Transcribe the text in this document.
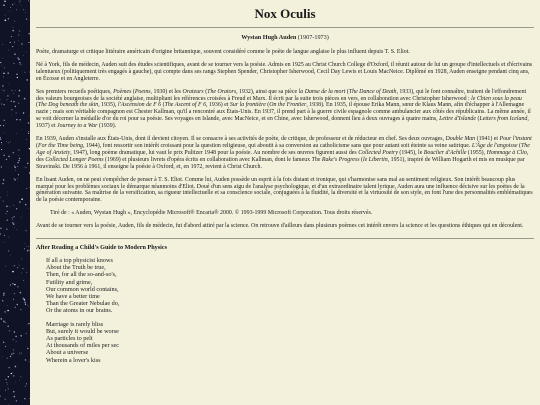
Nox Oculis
Wystan Hugh Auden (1907-1973)

Poète, dramaturge et critique littéraire américain d'origine britannique, souvent considéré comme le poète de langue anglaise le plus influent depuis T. S. Eliot.

Né à York, fils de médecin, Auden suit des études scientifiques, avant de se tourner vers la poésie. Admis en 1925 au Christ Church College d'Oxford, il réunit autour de lui un groupe d'intellectuels et d'écrivains talentueux (politiquement très engagés à gauche), qui compte dans ses rangs Stephen Spender, Christopher Isherwood, Cecil Day Lewis et Louis MacNeice. Diplômé en 1928, Auden enseigne pendant cinq ans, en Écosse et en Angleterre.

Ses premiers recueils poétiques, Poèmes (Poems, 1930) et les Orateurs (The Orators, 1932), ainsi que sa pièce la Danse de la mort (The Dance of Death, 1933), qui le font connaître, traitent de l'effondrement des valeurs bourgeoises de la société anglaise, multipliant les références croisées à Freud et Marx. Il écrit par la suite trois pièces en vers, en collaboration avec Christopher Isherwood : le Chien sous la peau (The Dog beneath the skin, 1935), l'Ascension de F 6 (The Ascent of F 6, 1936) et Sur la frontière (On the Frontier, 1938). En 1935, il épouse Erika Mann, sœur de Klaus Mann, afin d'échapper à l'Allemagne nazie ; mais son véritable compagnon est Chester Kallman, qu'il a rencontré aux États-Unis. En 1937, il prend part à la guerre civile espagnole comme ambulancier aux côtés des républicains. La même année, il se voit décerner la médaille d'or du roi pour sa poésie. Ses voyages en Islande, avec MacNeice, et en Chine, avec Isherwood, donnent lieu à deux ouvrages à quatre mains, Lettre d'Islande (Letters from Iceland, 1937) et Journey to a War (1939).

En 1939, Auden s'installe aux États-Unis, dont il devient citoyen. Il se consacre à ses activités de poète, de critique, de professeur et de réducteur en chef. Ses deux ouvrages, Double Man (1941) et Pour l'instant (For the Time being, 1944), font ressortir son intérêt croissant pour la question religieuse, qui aboutit à sa conversion au catholicisme sans que pour autant soit éteinte sa veine satirique. L'Âge de l'angoisse (The Age of Anxiety, 1947), long poème dramatique, lui vaut le prix Pulitzer 1948 pour la poésie. Au nombre de ses œuvres figurent aussi des Collected Poetry (1945), le Bouclier d'Achille (1955), Hommage à Clio, des Collected Longer Poems (1969) et plusieurs livrets d'opéra écrits en collaboration avec Kallman, dont le fameux The Rake's Progress (le Libertin, 1951), inspiré de William Hogarth et mis en musique par Stravinski. De 1956 à 1961, il enseigne la poésie à Oxford, et, en 1972, revient à Christ Church.

En lisant Auden, on ne peut s'empêcher de penser à T. S. Eliot. Comme lui, Auden possède un esprit à la fois distant et ironique, qui s'harmonise sans mal au sentiment religieux. Son intérêt beaucoup plus marqué pour les problèmes sociaux le démarque néanmoins d'Eliot. Doué d'un sens aigu de l'analyse psychologique, et d'un extraordinaire talent lyrique, Auden aura une influence décisive sur les poètes de la génération suivante. Sa maîtrise de la versification, sa rigueur intellectuelle et sa conscience sociale, conjuguées à la fluidité, la diversité et la virtuosité de son style, en font l'une des personnalités emblématiques de la poésie contemporaine.

Tiré de : « Auden, Wystan Hugh », Encyclopédie Microsoft® Encarta® 2000. © 1993-1999 Microsoft Corporation. Tous droits réservés.

Avant de se tourner vers la poésie, Auden, fils de médecin, fut d'abord attiré par la science. On retrouve d'ailleurs dans plusieurs poèmes cet intérêt envers la science et les questions éthiques qui en découlent.

After Reading a Child's Guide to Modern Physics
If all a top physicist knows
About the Truth be true,
Then, for all the so-and-so's,
Futility and grime,
Our common world contains,
We have a better time
Than the Greater Nebulae do,
Or the atoms in our brains.
Marriage is rarely bliss
But, surely it would be worse
As particles to pelt
At thousands of miles per sec
About a universe
Wherein a lover's kiss
